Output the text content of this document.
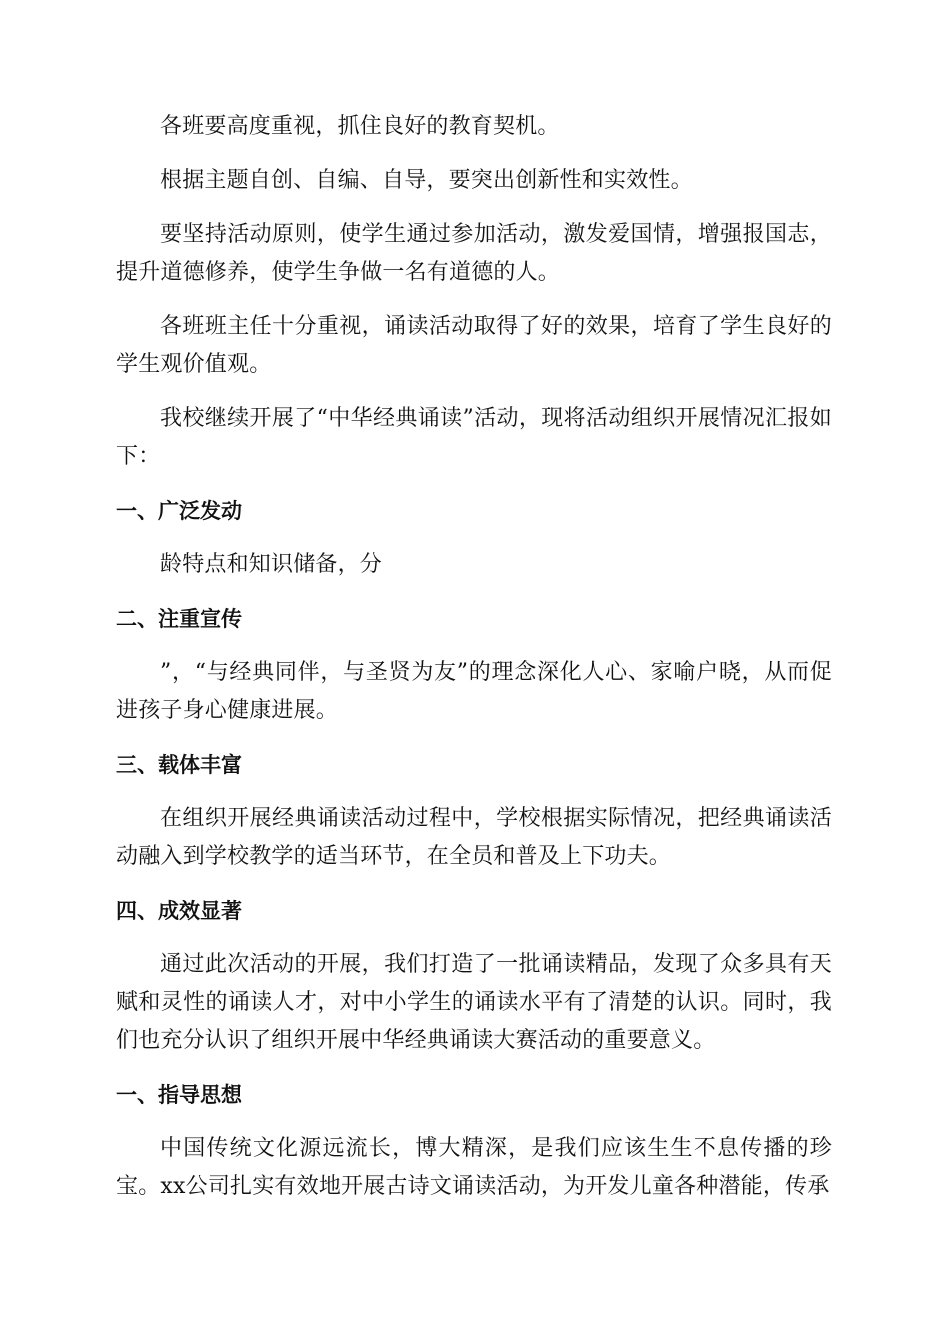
各班要高度重视，抓住良好的教育契机。

根据主题自创、自编、自导，要突出创新性和实效性。

要坚持活动原则，使学生通过参加活动，激发爱国情，增强报国志，提升道德修养，使学生争做一名有道德的人。

各班班主任十分重视，诵读活动取得了好的效果，培育了学生良好的学生观价值观。

我校继续开展了“中华经典诵读”活动，现将活动组织开展情况汇报如下：

一、广泛发动

龄特点和知识储备，分

二、注重宣传

”，“与经典同伴，与圣贤为友”的理念深化人心、家喻户晓，从而促进孩子身心健康进展。

三、载体丰富

在组织开展经典诵读活动过程中，学校根据实际情况，把经典诵读活动融入到学校教学的适当环节，在全员和普及上下功夫。

四、成效显著

通过此次活动的开展，我们打造了一批诵读精品，发现了众多具有天赋和灵性的诵读人才，对中小学生的诵读水平有了清楚的认识。同时，我们也充分认识了组织开展中华经典诵读大赛活动的重要意义。

一、指导思想

中国传统文化源远流长，博大精深，是我们应该生生不息传播的珍宝。xx公司扎实有效地开展古诗文诵读活动，为开发儿童各种潜能，传承
